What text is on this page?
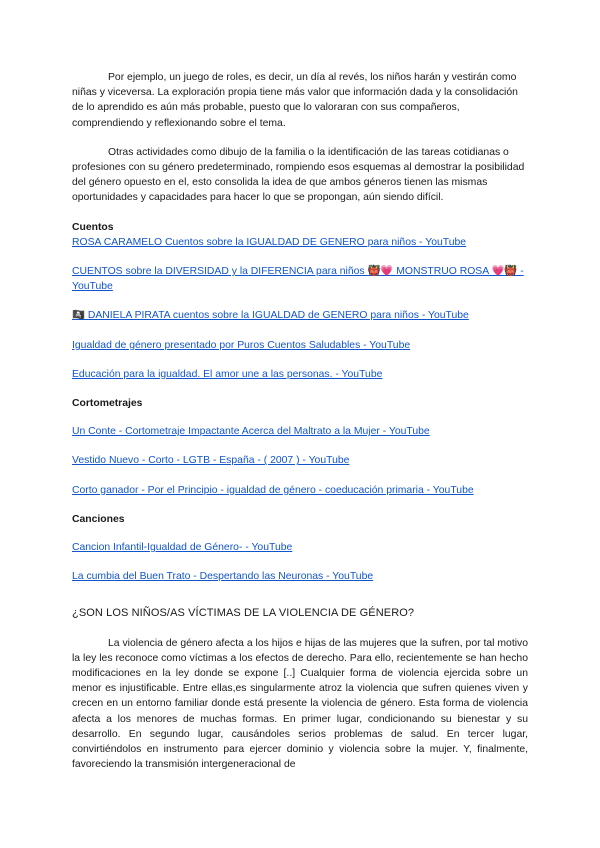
Por ejemplo, un juego de roles, es decir, un día al revés, los niños harán y vestirán como niñas y viceversa. La exploración propia tiene más valor que información dada y la consolidación de lo aprendido es aún más probable, puesto que lo valoraran con sus compañeros, comprendiendo y reflexionando sobre el tema.

Otras actividades como dibujo de la familia o la identificación de las tareas cotidianas o profesiones con su género predeterminado, rompiendo esos esquemas al demostrar la posibilidad del género opuesto en el, esto consolida la idea de que ambos géneros tienen las mismas oportunidades y capacidades para hacer lo que se propongan, aún siendo difícil.

Cuentos
ROSA CARAMELO Cuentos sobre la IGUALDAD DE GENERO para niños - YouTube
CUENTOS sobre la DIVERSIDAD y la DIFERENCIA para niños 👹💗 MONSTRUO ROSA 💗👹 - YouTube
🏴‍☠️ DANIELA PIRATA cuentos sobre la IGUALDAD de GENERO para niños - YouTube
Igualdad de género presentado por Puros Cuentos Saludables - YouTube
Educación para la igualdad. El amor une a las personas. - YouTube
Cortometrajes
Un Conte - Cortometraje Impactante Acerca del Maltrato a la Mujer - YouTube
Vestido Nuevo - Corto - LGTB - España - ( 2007 ) - YouTube
Corto ganador - Por el Principio - igualdad de género - coeducación primaria - YouTube
Canciones
Cancion Infantil-Igualdad de Género- - YouTube
La cumbia del Buen Trato - Despertando las Neuronas - YouTube
¿SON LOS NIÑOS/AS VÍCTIMAS DE LA VIOLENCIA DE GÉNERO?

La violencia de género afecta a los hijos e hijas de las mujeres que la sufren, por tal motivo la ley les reconoce como víctimas a los efectos de derecho. Para ello, recientemente se han hecho modificaciones en la ley donde se expone [..] Cualquier forma de violencia ejercida sobre un menor es injustificable. Entre ellas,es singularmente atroz la violencia que sufren quienes viven y crecen en un entorno familiar donde está presente la violencia de género. Esta forma de violencia afecta a los menores de muchas formas. En primer lugar, condicionando su bienestar y su desarrollo. En segundo lugar, causándoles serios problemas de salud. En tercer lugar, convirtiéndolos en instrumento para ejercer dominio y violencia sobre la mujer. Y, finalmente, favoreciendo la transmisión intergeneracional de
